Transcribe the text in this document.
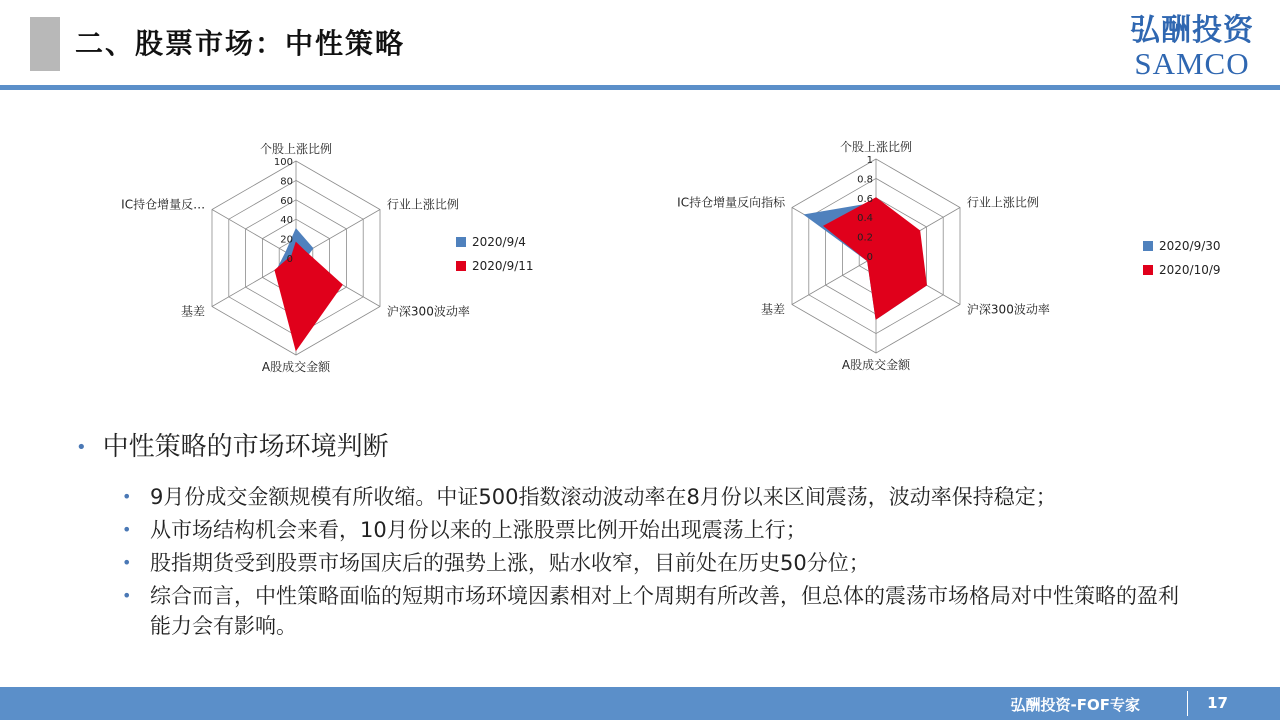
二、股票市场：中性策略	弘酬投资
SAMCO
0
20
40
60
80
100
个股上涨比例
行业上涨比例
沪深300波动率
A股成交金额
基差
IC持仓增量反…
2020/9/4
2020/9/11
0
0.2
0.4
0.6
0.8
1
个股上涨比例
行业上涨比例
沪深300波动率
A股成交金额
基差
IC持仓增量反向指标
2020/9/30
2020/10/9
• 中性策略的市场环境判断
• 9月份成交金额规模有所收缩。中证500指数滚动波动率在8月份以来区间震荡，波动率保持稳定；
• 从市场结构机会来看，10月份以来的上涨股票比例开始出现震荡上行；
• 股指期货受到股票市场国庆后的强势上涨，贴水收窄，目前处在历史50分位；
• 综合而言，中性策略面临的短期市场环境因素相对上个周期有所改善，但总体的震荡市场格局对中性策略的盈利能力会有影响。
弘酬投资-FOF专家	17
